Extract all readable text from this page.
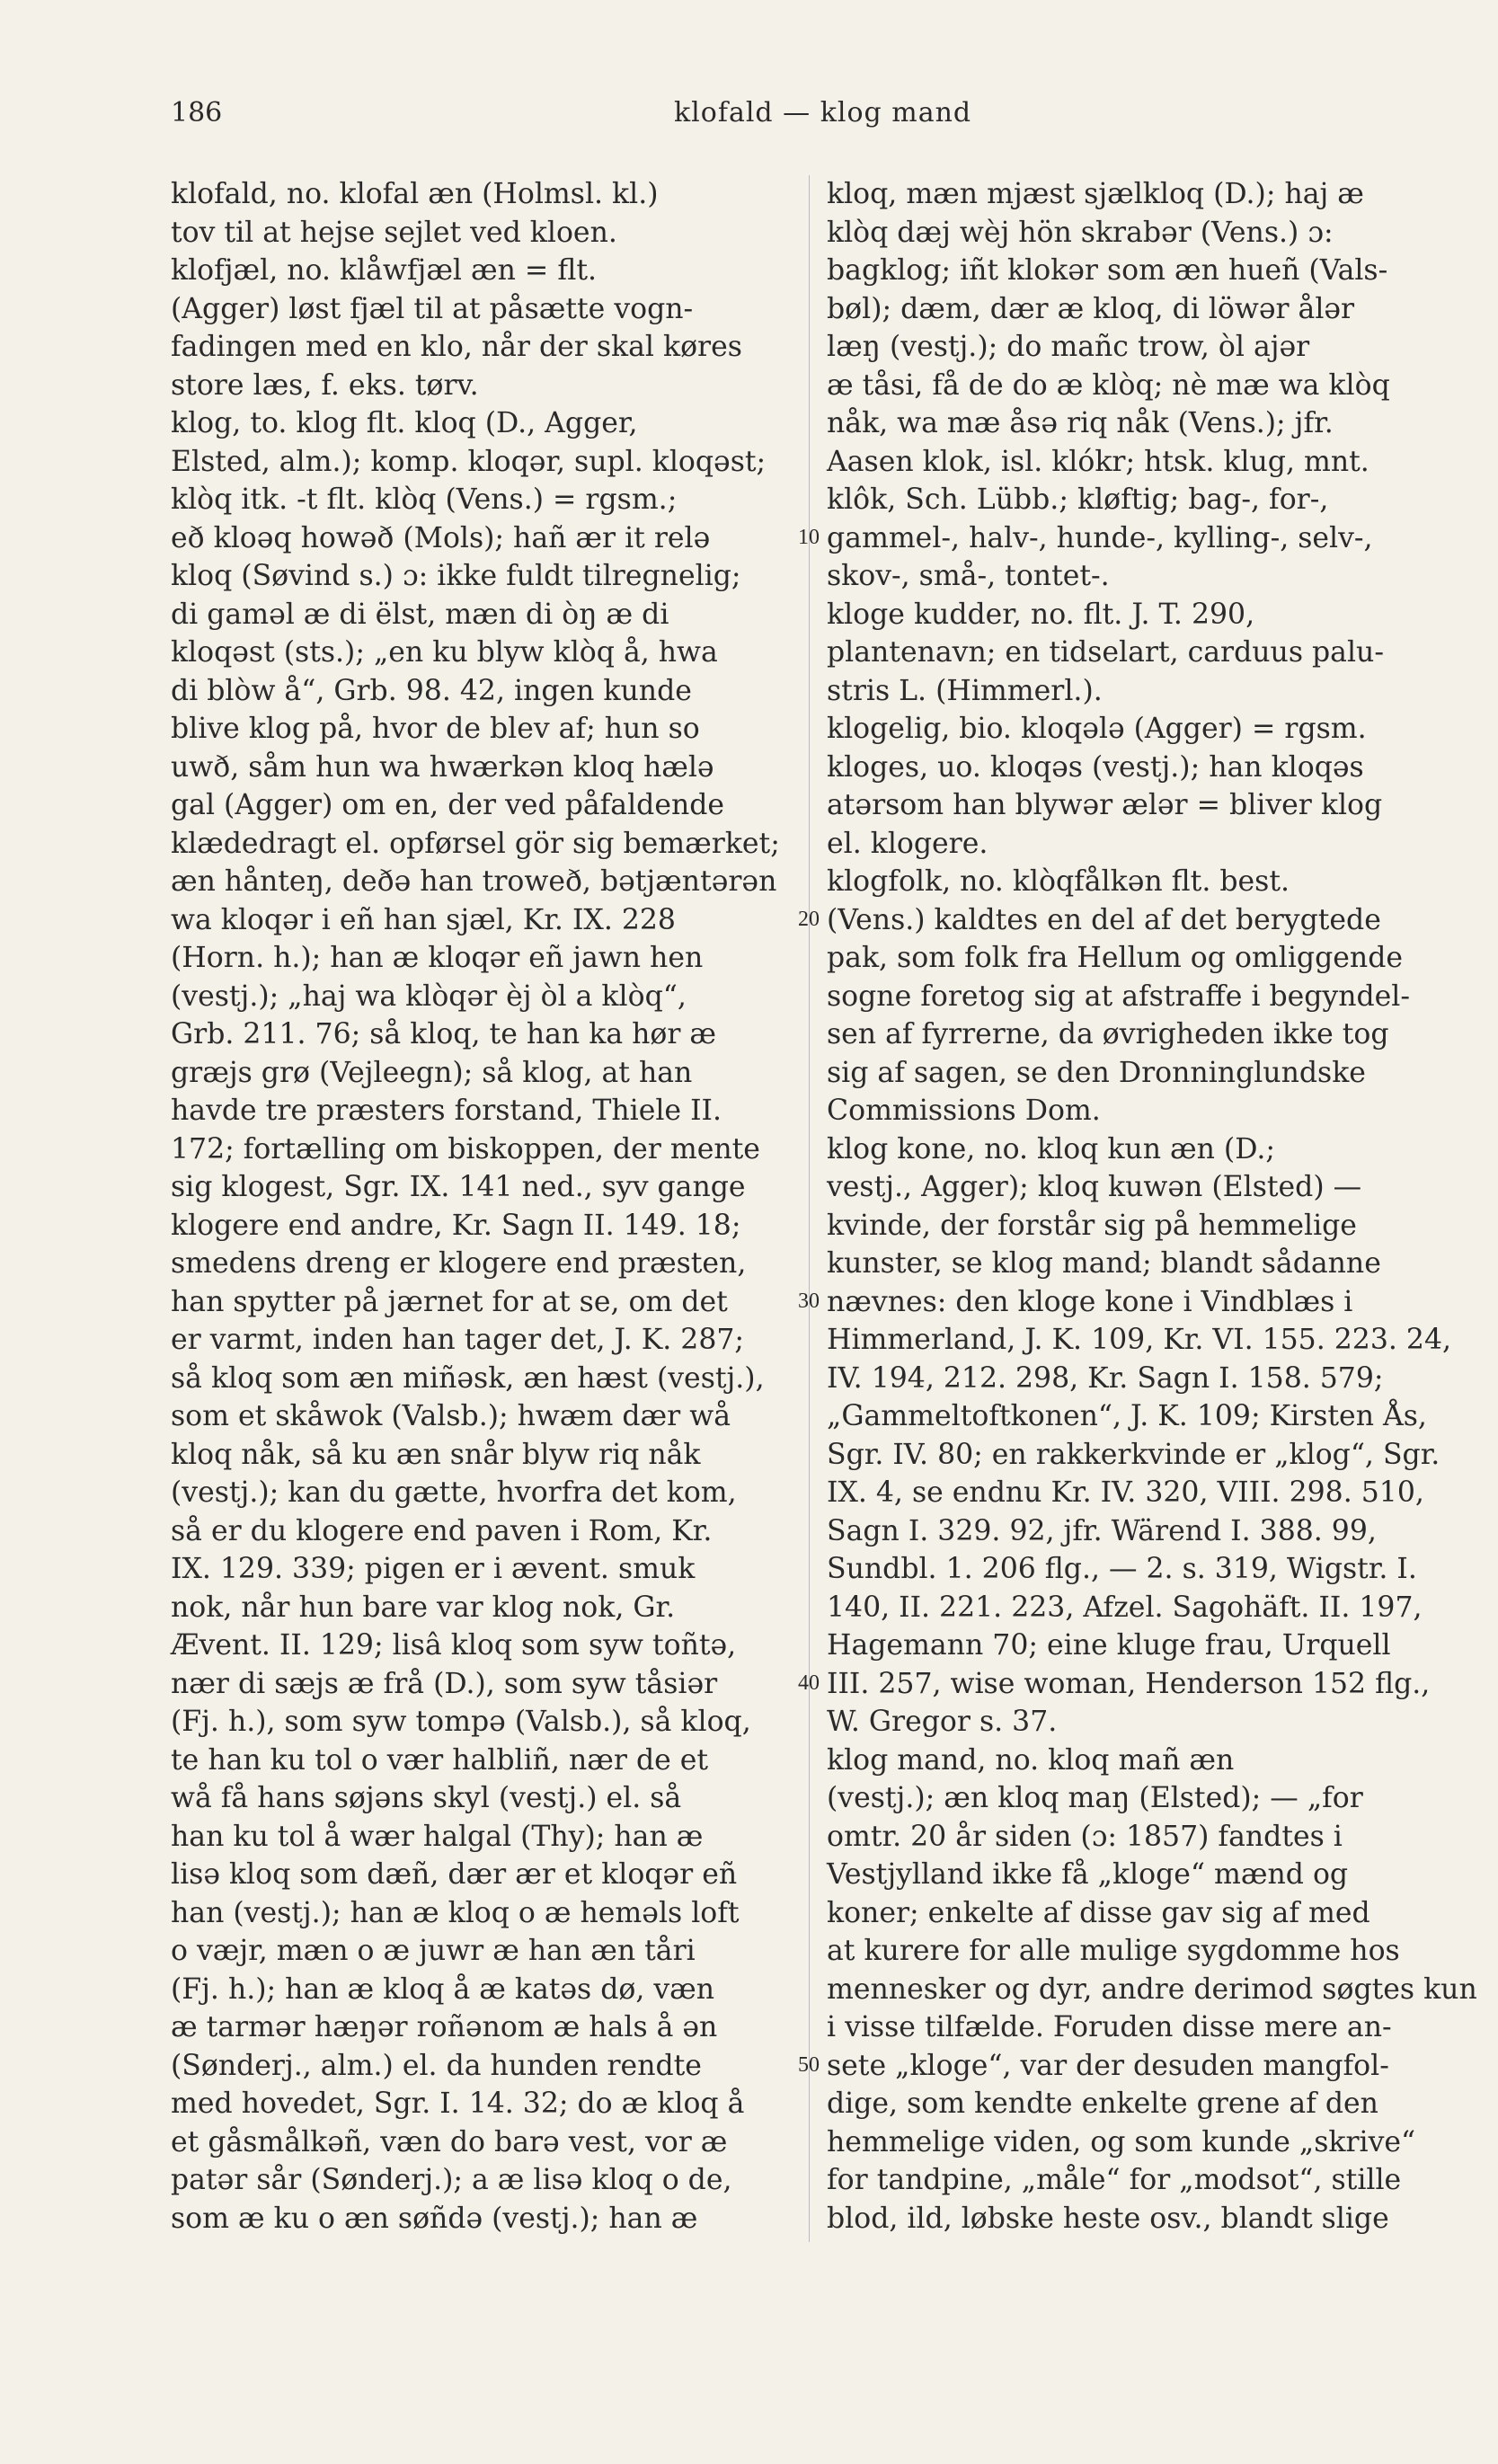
186	klofald — klog mand
klofald, no. klofal æn (Holmsl. kl.)
tov til at hejse sejlet ved kloen.
klofjæl, no. klåwfjæl æn = flt.
(Agger) løst fjæl til at påsætte vogn-
fadingen med en klo, når der skal køres
store læs, f. eks. tørv.
klog, to. klog flt. kloq (D., Agger,
Elsted, alm.); komp. kloqər, supl. kloqəst;
klòq itk. -t flt. klòq (Vens.) = rgsm.;
eð kloəq howəð (Mols); hañ ær it relə
kloq (Søvind s.) ɔ: ikke fuldt tilregnelig;
di gaməl æ di ëlst, mæn di òŋ æ di
kloqəst (sts.); „en ku blyw klòq å, hwa
di blòw å“, Grb. 98. 42, ingen kunde
blive klog på, hvor de blev af; hun so
uwð, såm hun wa hwærkən kloq hælə
gal (Agger) om en, der ved påfaldende
klædedragt el. opførsel gör sig bemærket;
æn hånteŋ, deðə han troweð, bətjæntərən
wa kloqər i eñ han sjæl, Kr. IX. 228
(Horn. h.); han æ kloqər eñ jawn hen
(vestj.); „haj wa klòqər èj òl a klòq“,
Grb. 211. 76; så kloq, te han ka hør æ
græjs grø (Vejleegn); så klog, at han
havde tre præsters forstand, Thiele II.
172; fortælling om biskoppen, der mente
sig klogest, Sgr. IX. 141 ned., syv gange
klogere end andre, Kr. Sagn II. 149. 18;
smedens dreng er klogere end præsten,
han spytter på jærnet for at se, om det
er varmt, inden han tager det, J. K. 287;
så kloq som æn miñəsk, æn hæst (vestj.),
som et skåwok (Valsb.); hwæm dær wå
kloq nåk, så ku æn snår blyw riq nåk
(vestj.); kan du gætte, hvorfra det kom,
så er du klogere end paven i Rom, Kr.
IX. 129. 339; pigen er i ævent. smuk
nok, når hun bare var klog nok, Gr.
Ævent. II. 129; lisâ kloq som syw toñtə,
nær di sæjs æ frå (D.), som syw tåsiər
(Fj. h.), som syw tompə (Valsb.), så kloq,
te han ku tol o vær halbliñ, nær de et
wå få hans søjəns skyl (vestj.) el. så
han ku tol å wær halgal (Thy); han æ
lisə kloq som dæñ, dær ær et kloqər eñ
han (vestj.); han æ kloq o æ heməls loft
o væjr, mæn o æ juwr æ han æn tåri
(Fj. h.); han æ kloq å æ katəs dø, væn
æ tarmər hæŋər roñənom æ hals å ən
(Sønderj., alm.) el. da hunden rendte
med hovedet, Sgr. I. 14. 32; do æ kloq å
et gåsmålkəñ, væn do barə vest, vor æ
patər sår (Sønderj.); a æ lisə kloq o de,
som æ ku o æn søñdə (vestj.); han æ
kloq, mæn mjæst sjælkloq (D.); haj æ
klòq dæj wèj hön skrabər (Vens.) ɔ:
bagklog; iñt klokər som æn hueñ (Vals-
bøl); dæm, dær æ kloq, di löwər ålər
læŋ (vestj.); do mañc trow, òl ajər
æ tåsi, få de do æ klòq; nè mæ wa klòq
nåk, wa mæ åsə riq nåk (Vens.); jfr.
Aasen klok, isl. klókr; htsk. klug, mnt.
klôk, Sch. Lübb.; kløftig; bag-, for-,
gammel-, halv-, hunde-, kylling-, selv-,
skov-, små-, tontet-.
kloge kudder, no. flt. J. T. 290,
plantenavn; en tidselart, carduus palu-
stris L. (Himmerl.).
klogelig, bio. kloqələ (Agger) = rgsm.
kloges, uo. kloqəs (vestj.); han kloqəs
atərsom han blywər ælər = bliver klog
el. klogere.
klogfolk, no. klòqfålkən flt. best.
(Vens.) kaldtes en del af det berygtede
pak, som folk fra Hellum og omliggende
sogne foretog sig at afstraffe i begyndel-
sen af fyrrerne, da øvrigheden ikke tog
sig af sagen, se den Dronninglundske
Commissions Dom.
klog kone, no. kloq kun æn (D.;
vestj., Agger); kloq kuwən (Elsted) —
kvinde, der forstår sig på hemmelige
kunster, se klog mand; blandt sådanne
nævnes: den kloge kone i Vindblæs i
Himmerland, J. K. 109, Kr. VI. 155. 223. 24,
IV. 194, 212. 298, Kr. Sagn I. 158. 579;
„Gammeltoftkonen“, J. K. 109; Kirsten Ås,
Sgr. IV. 80; en rakkerkvinde er „klog“, Sgr.
IX. 4, se endnu Kr. IV. 320, VIII. 298. 510,
Sagn I. 329. 92, jfr. Wärend I. 388. 99,
Sundbl. 1. 206 flg., — 2. s. 319, Wigstr. I.
140, II. 221. 223, Afzel. Sagohäft. II. 197,
Hagemann 70; eine kluge frau, Urquell
III. 257, wise woman, Henderson 152 flg.,
W. Gregor s. 37.
klog mand, no. kloq mañ æn
(vestj.); æn kloq maŋ (Elsted); — „for
omtr. 20 år siden (ɔ: 1857) fandtes i
Vestjylland ikke få „kloge“ mænd og
koner; enkelte af disse gav sig af med
at kurere for alle mulige sygdomme hos
mennesker og dyr, andre derimod søgtes kun
i visse tilfælde. Foruden disse mere an-
sete „kloge“, var der desuden mangfol-
dige, som kendte enkelte grene af den
hemmelige viden, og som kunde „skrive“
for tandpine, „måle“ for „modsot“, stille
blod, ild, løbske heste osv., blandt slige
10
20
30
40
50
